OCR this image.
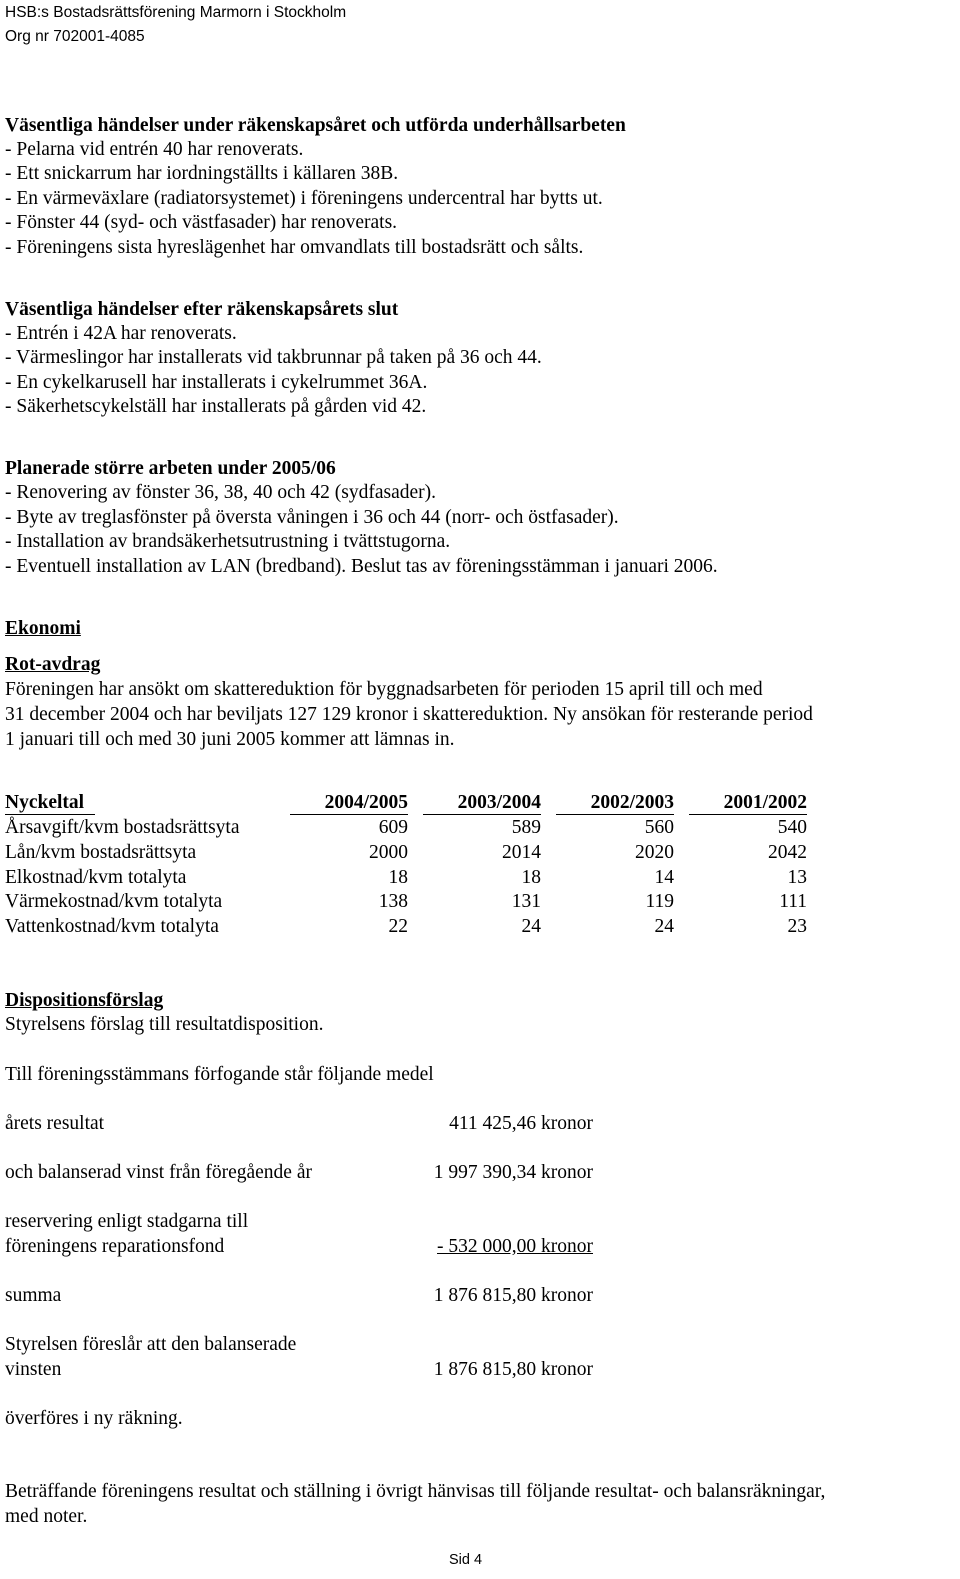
HSB:s Bostadsrättsförening Marmorn i Stockholm
Org nr 702001-4085
Väsentliga händelser under räkenskapsåret och utförda underhållsarbeten
- Pelarna vid entrén 40 har renoverats.
- Ett snickarrum har iordningställts i källaren 38B.
- En värmeväxlare (radiatorsystemet) i föreningens undercentral har bytts ut.
- Fönster 44 (syd- och västfasader) har renoverats.
- Föreningens sista hyreslägenhet har omvandlats till bostadsrätt och sålts.
Väsentliga händelser efter räkenskapsårets slut
- Entrén i 42A har renoverats.
- Värmeslingor har installerats vid takbrunnar på taken på 36 och 44.
- En cykelkarusell har installerats i cykelrummet 36A.
- Säkerhetscykelställ har installerats på gården vid 42.
Planerade större arbeten under 2005/06
- Renovering av fönster 36, 38, 40 och 42 (sydfasader).
- Byte av treglasfönster på översta våningen i 36 och 44 (norr- och östfasader).
- Installation av brandsäkerhetsutrustning i tvättstugorna.
- Eventuell installation av LAN (bredband). Beslut tas av föreningsstämman i januari 2006.
Ekonomi
Rot-avdrag
Föreningen har ansökt om skattereduktion för byggnadsarbeten för perioden 15 april till och med
31 december 2004 och har beviljats 127 129 kronor i skattereduktion. Ny ansökan för resterande period
1 januari till och med 30 juni 2005 kommer att lämnas in.
Nyckeltal	2004/2005	2003/2004	2002/2003	2001/2002
Årsavgift/kvm bostadsrättsyta	609	589	560	540
Lån/kvm bostadsrättsyta	2000	2014	2020	2042
Elkostnad/kvm totalyta	18	18	14	13
Värmekostnad/kvm totalyta	138	131	119	111
Vattenkostnad/kvm totalyta	22	24	24	23
Dispositionsförslag
Styrelsens förslag till resultatdisposition.
Till föreningsstämmans förfogande står följande medel
årets resultat	411 425,46 kronor
och balanserad vinst från föregående år	1 997 390,34 kronor
reservering enligt stadgarna till
föreningens reparationsfond	- 532 000,00 kronor
summa	1 876 815,80 kronor
Styrelsen föreslår att den balanserade
vinsten	1 876 815,80 kronor
överföres i ny räkning.
Beträffande föreningens resultat och ställning i övrigt hänvisas till följande resultat- och balansräkningar,
med noter.
Sid 4
